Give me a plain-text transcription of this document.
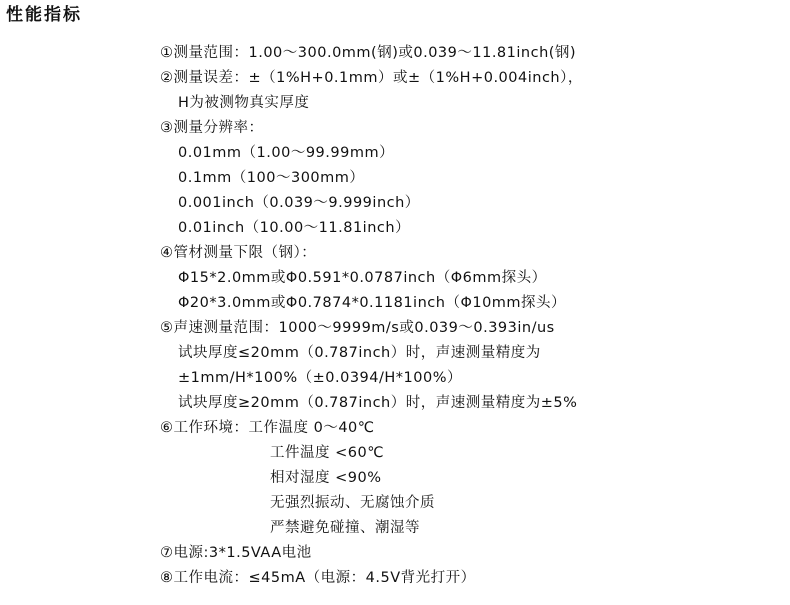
性能指标
①测量范围：1.00～300.0mm(钢)或0.039～11.81inch(钢)
②测量误差：±（1%H+0.1mm）或±（1%H+0.004inch），
H为被测物真实厚度
③测量分辨率：
0.01mm（1.00～99.99mm）
0.1mm（100～300mm）
0.001inch（0.039～9.999inch）
0.01inch（10.00～11.81inch）
④管材测量下限（钢）：
Φ15*2.0mm或Φ0.591*0.0787inch（Φ6mm探头）
Φ20*3.0mm或Φ0.7874*0.1181inch（Φ10mm探头）
⑤声速测量范围：1000～9999m/s或0.039～0.393in/us
试块厚度≤20mm（0.787inch）时，声速测量精度为
±1mm/H*100%（±0.0394/H*100%）
试块厚度≥20mm（0.787inch）时，声速测量精度为±5%
⑥工作环境：工作温度 0～40℃
工件温度 <60℃
相对湿度 <90%
无强烈振动、无腐蚀介质
严禁避免碰撞、潮湿等
⑦电源:3*1.5VAA电池
⑧工作电流：≤45mA（电源：4.5V背光打开）
